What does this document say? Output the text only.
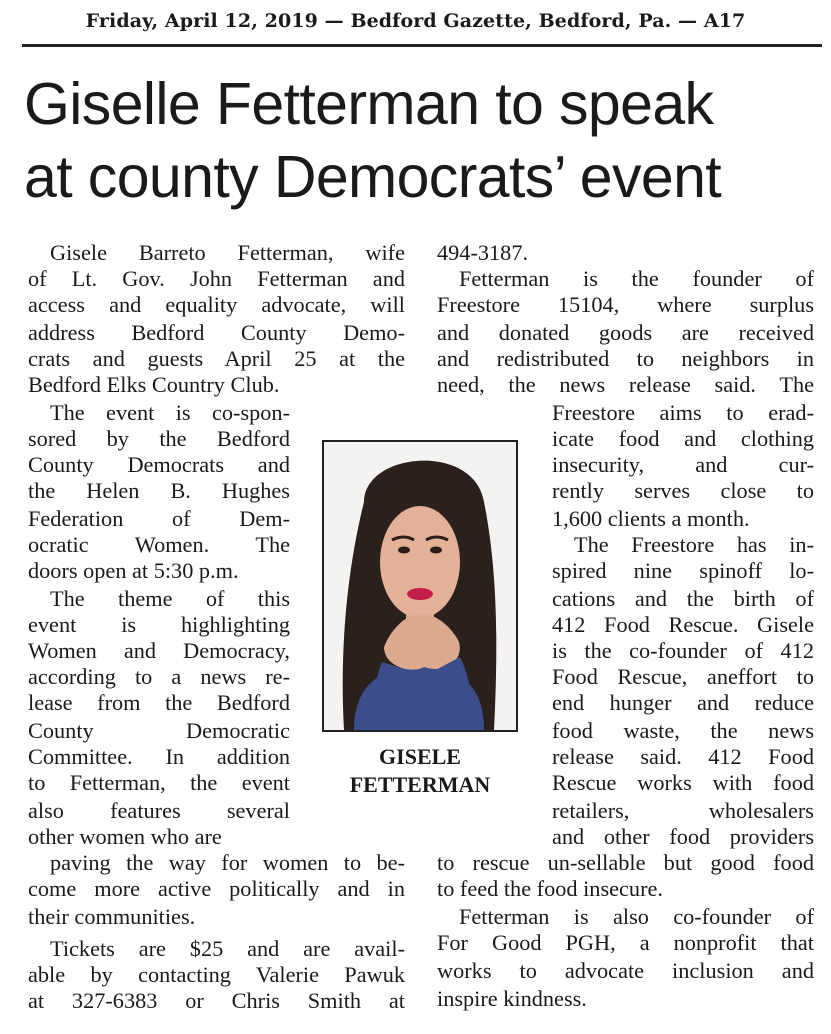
Friday, April 12, 2019 — Bedford Gazette, Bedford, Pa. — A17
Giselle Fetterman to speak
at county Democrats’ event
Gisele Barreto Fetterman, wife
of Lt. Gov. John Fetterman and
access and equality advocate, will
address Bedford County Demo-
crats and guests April 25 at the
Bedford Elks Country Club.
The event is co-spon-
sored by the Bedford
County Democrats and
the Helen B. Hughes
Federation of Dem-
ocratic Women. The
doors open at 5:30 p.m.
The theme of this
event is highlighting
Women and Democracy,
according to a news re-
lease from the Bedford
County Democratic
Committee. In addition
to Fetterman, the event
also features several
other women who are
paving the way for women to be-
come more active politically and in
their communities.
Tickets are $25 and are avail-
able by contacting Valerie Pawuk
at 327-6383 or Chris Smith at
494-3187.
Fetterman is the founder of
Freestore 15104, where surplus
and donated goods are received
and redistributed to neighbors in
need, the news release said. The
Freestore aims to erad-
icate food and clothing
insecurity, and cur-
rently serves close to
1,600 clients a month.
The Freestore has in-
spired nine spinoff lo-
cations and the birth of
412 Food Rescue. Gisele
is the co-founder of 412
Food Rescue, aneffort to
end hunger and reduce
food waste, the news
release said. 412 Food
Rescue works with food
retailers, wholesalers
and other food providers
to rescue un-sellable but good food
to feed the food insecure.
Fetterman is also co-founder of
For Good PGH, a nonprofit that
works to advocate inclusion and
inspire kindness.
GISELE
FETTERMAN
